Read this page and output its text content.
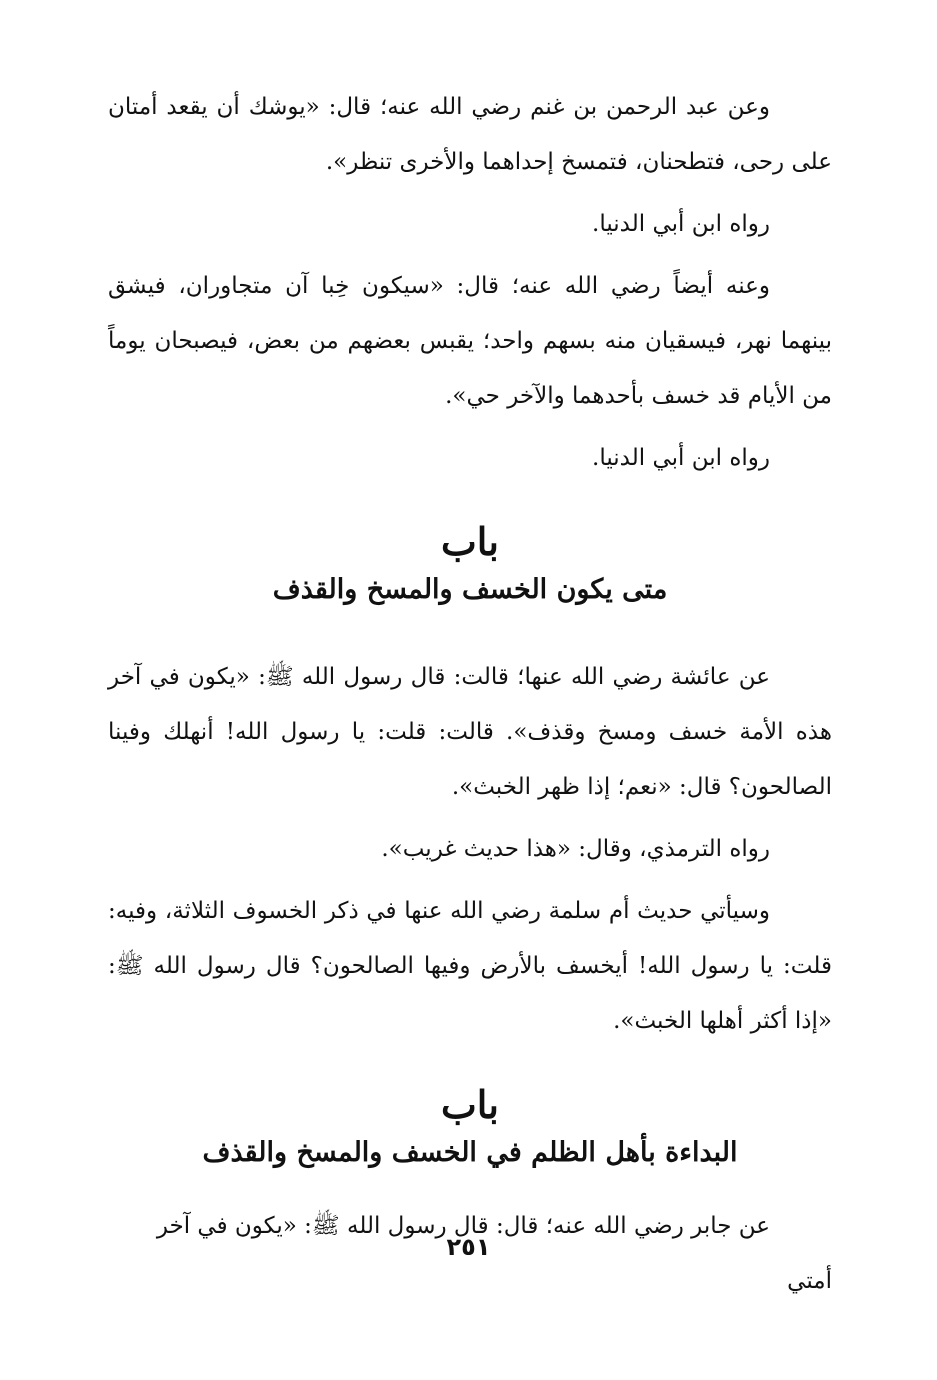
وعن عبد الرحمن بن غنم رضي الله عنه؛ قال: «يوشك أن يقعد أمتان على رحى، فتطحنان، فتمسخ إحداهما والأخرى تنظر».

رواه ابن أبي الدنيا.

وعنه أيضاً رضي الله عنه؛ قال: «سيكون خِبا آن متجاوران، فيشق بينهما نهر، فيسقيان منه بسهم واحد؛ يقبس بعضهم من بعض، فيصبحان يوماً من الأيام قد خسف بأحدهما والآخر حي».

رواه ابن أبي الدنيا.

باب
متى يكون الخسف والمسخ والقذف

عن عائشة رضي الله عنها؛ قالت: قال رسول الله ﷺ: «يكون في آخر هذه الأمة خسف ومسخ وقذف». قالت: قلت: يا رسول الله! أنهلك وفينا الصالحون؟ قال: «نعم؛ إذا ظهر الخبث».

رواه الترمذي، وقال: «هذا حديث غريب».

وسيأتي حديث أم سلمة رضي الله عنها في ذكر الخسوف الثلاثة، وفيه: قلت: يا رسول الله! أيخسف بالأرض وفيها الصالحون؟ قال رسول الله ﷺ: «إذا أكثر أهلها الخبث».

باب
البداءة بأهل الظلم في الخسف والمسخ والقذف

عن جابر رضي الله عنه؛ قال: قال رسول الله ﷺ: «يكون في آخر أمتي

٢٥١
